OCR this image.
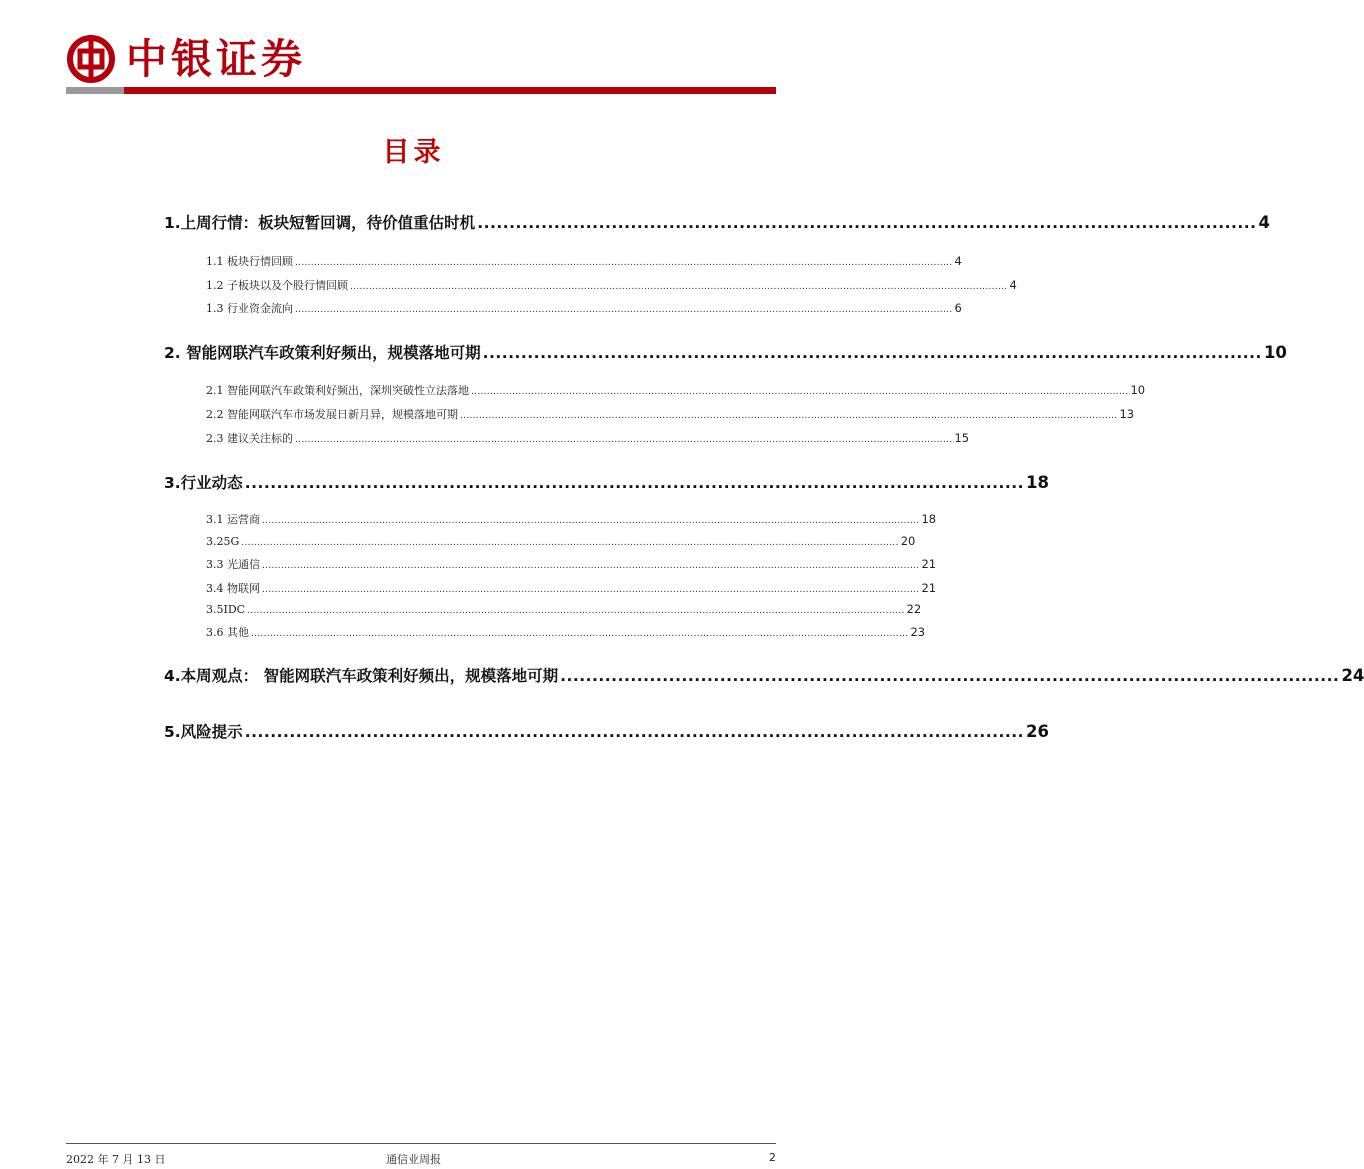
中银证券
目录
1.上周行情：板块短暂回调，待价值重估时机 .......................................................................................................................... 4
1.1 板块行情回顾 ................................................................................................................................................................................................................ 4
1.2 子板块以及个股行情回顾 ................................................................................................................................................................................................................ 4
1.3 行业资金流向 ................................................................................................................................................................................................................ 6
2. 智能网联汽车政策利好频出，规模落地可期 .......................................................................................................................... 10
2.1 智能网联汽车政策利好频出，深圳突破性立法落地 ................................................................................................................................................................................................................ 10
2.2 智能网联汽车市场发展日新月异，规模落地可期 ................................................................................................................................................................................................................ 13
2.3 建议关注标的 ................................................................................................................................................................................................................ 15
3.行业动态 .......................................................................................................................... 18
3.1 运营商 ................................................................................................................................................................................................................ 18
3.25G ................................................................................................................................................................................................................ 20
3.3 光通信 ................................................................................................................................................................................................................ 21
3.4 物联网 ................................................................................................................................................................................................................ 21
3.5IDC ................................................................................................................................................................................................................ 22
3.6 其他 ................................................................................................................................................................................................................ 23
4.本周观点： 智能网联汽车政策利好频出，规模落地可期 .......................................................................................................................... 24
5.风险提示 .......................................................................................................................... 26
2022 年 7 月 13 日	通信业周报	2
